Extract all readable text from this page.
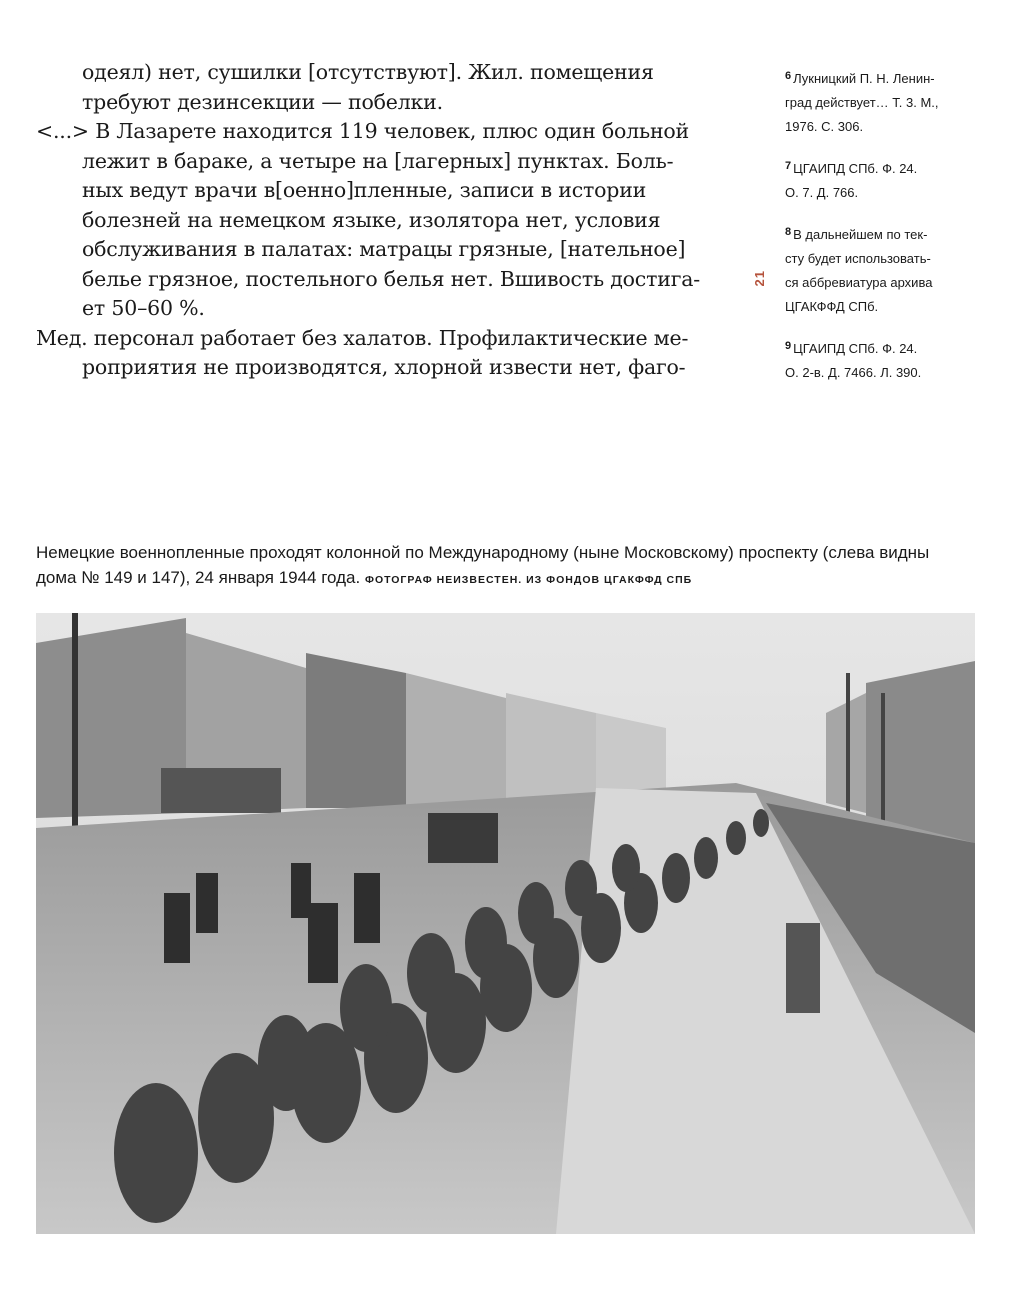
одеял) нет, сушилки [отсутствуют]. Жил. помещения
требуют дезинсекции — побелки.

<...> В Лазарете находится 119 человек, плюс один больной
лежит в бараке, а четыре на [лагерных] пунктах. Боль-
ных ведут врачи в[оенно]пленные, записи в истории
болезней на немецком языке, изолятора нет, условия
обслуживания в палатах: матрацы грязные, [нательное]
белье грязное, постельного белья нет. Вшивость достига-
ет 50–60 %.

Мед. персонал работает без халатов. Профилактические ме-
роприятия не производятся, хлорной извести нет, фаго-

21

$^6$ Лукницкий П. Н. Ленин-
град действует… Т. 3. М.,
1976. С. 306.

$^7$ ЦГАИПД СПб. Ф. 24.
О. 7. Д. 766.

$^8$ В дальнейшем по тек-
сту будет использовать-
ся аббревиатура архива
ЦГАКФФД СПб.

$^9$ ЦГАИПД СПб. Ф. 24.
О. 2-в. Д. 7466. Л. 390.

Немецкие военнопленные проходят колонной по Международному (ныне Московскому) проспекту (слева видны дома № 149 и 147), 24 января 1944 года. ФОТОГРАФ НЕИЗВЕСТЕН. ИЗ ФОНДОВ ЦГАКФФД СПБ
